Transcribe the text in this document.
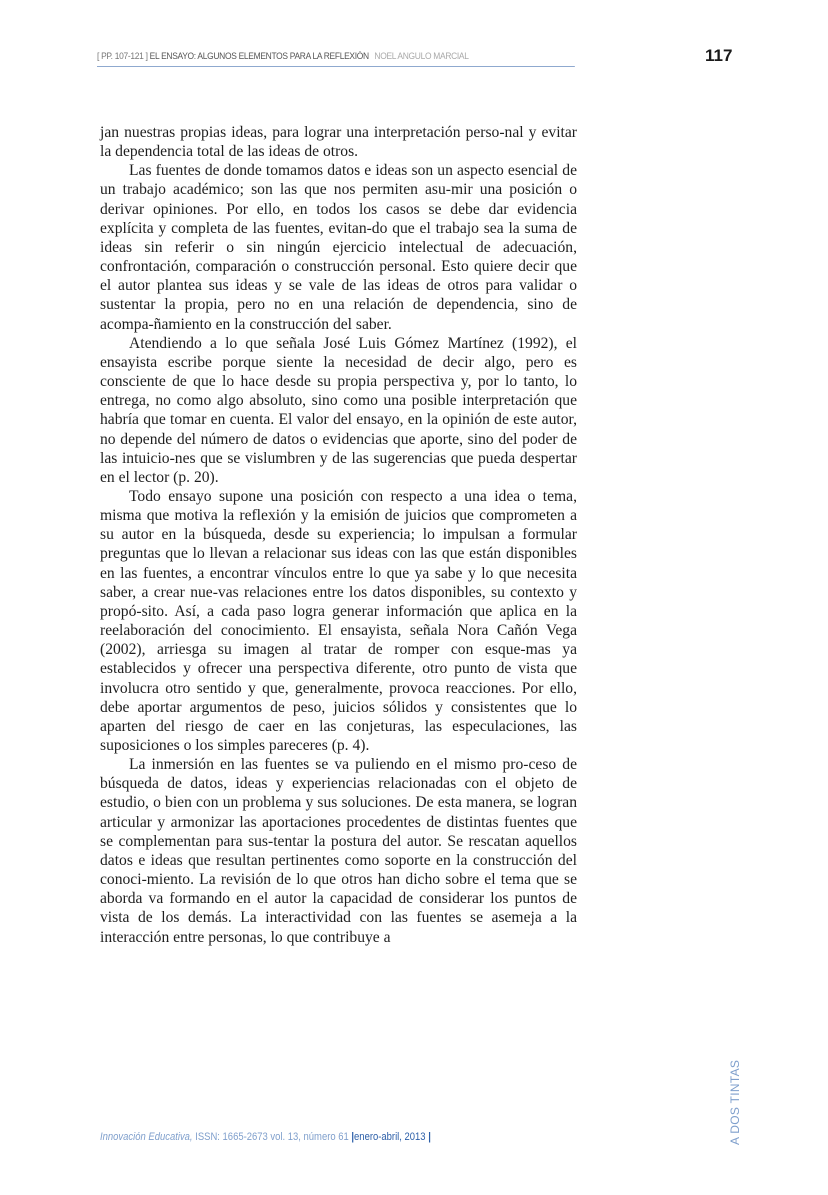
[ PP. 107-121 ] EL ENSAYO: ALGUNOS ELEMENTOS PARA LA REFLEXIÓN NOEL ANGULO MARCIAL	117

jan nuestras propias ideas, para lograr una interpretación perso-nal y evitar la dependencia total de las ideas de otros.

Las fuentes de donde tomamos datos e ideas son un aspecto esencial de un trabajo académico; son las que nos permiten asu-mir una posición o derivar opiniones. Por ello, en todos los casos se debe dar evidencia explícita y completa de las fuentes, evitan-do que el trabajo sea la suma de ideas sin referir o sin ningún ejercicio intelectual de adecuación, confrontación, comparación o construcción personal. Esto quiere decir que el autor plantea sus ideas y se vale de las ideas de otros para validar o sustentar la propia, pero no en una relación de dependencia, sino de acompa-ñamiento en la construcción del saber.

Atendiendo a lo que señala José Luis Gómez Martínez (1992), el ensayista escribe porque siente la necesidad de decir algo, pero es consciente de que lo hace desde su propia perspectiva y, por lo tanto, lo entrega, no como algo absoluto, sino como una posible interpretación que habría que tomar en cuenta. El valor del ensayo, en la opinión de este autor, no depende del número de datos o evidencias que aporte, sino del poder de las intuicio-nes que se vislumbren y de las sugerencias que pueda despertar en el lector (p. 20).

Todo ensayo supone una posición con respecto a una idea o tema, misma que motiva la reflexión y la emisión de juicios que comprometen a su autor en la búsqueda, desde su experiencia; lo impulsan a formular preguntas que lo llevan a relacionar sus ideas con las que están disponibles en las fuentes, a encontrar vínculos entre lo que ya sabe y lo que necesita saber, a crear nue-vas relaciones entre los datos disponibles, su contexto y propó-sito. Así, a cada paso logra generar información que aplica en la reelaboración del conocimiento. El ensayista, señala Nora Cañón Vega (2002), arriesga su imagen al tratar de romper con esque-mas ya establecidos y ofrecer una perspectiva diferente, otro punto de vista que involucra otro sentido y que, generalmente, provoca reacciones. Por ello, debe aportar argumentos de peso, juicios sólidos y consistentes que lo aparten del riesgo de caer en las conjeturas, las especulaciones, las suposiciones o los simples pareceres (p. 4).

La inmersión en las fuentes se va puliendo en el mismo pro-ceso de búsqueda de datos, ideas y experiencias relacionadas con el objeto de estudio, o bien con un problema y sus soluciones. De esta manera, se logran articular y armonizar las aportaciones procedentes de distintas fuentes que se complementan para sus-tentar la postura del autor. Se rescatan aquellos datos e ideas que resultan pertinentes como soporte en la construcción del conoci-miento. La revisión de lo que otros han dicho sobre el tema que se aborda va formando en el autor la capacidad de considerar los puntos de vista de los demás. La interactividad con las fuentes se asemeja a la interacción entre personas, lo que contribuye a

Innovación Educativa, ISSN: 1665-2673 vol. 13, número 61 |enero-abril, 2013 |	A DOS TINTAS
